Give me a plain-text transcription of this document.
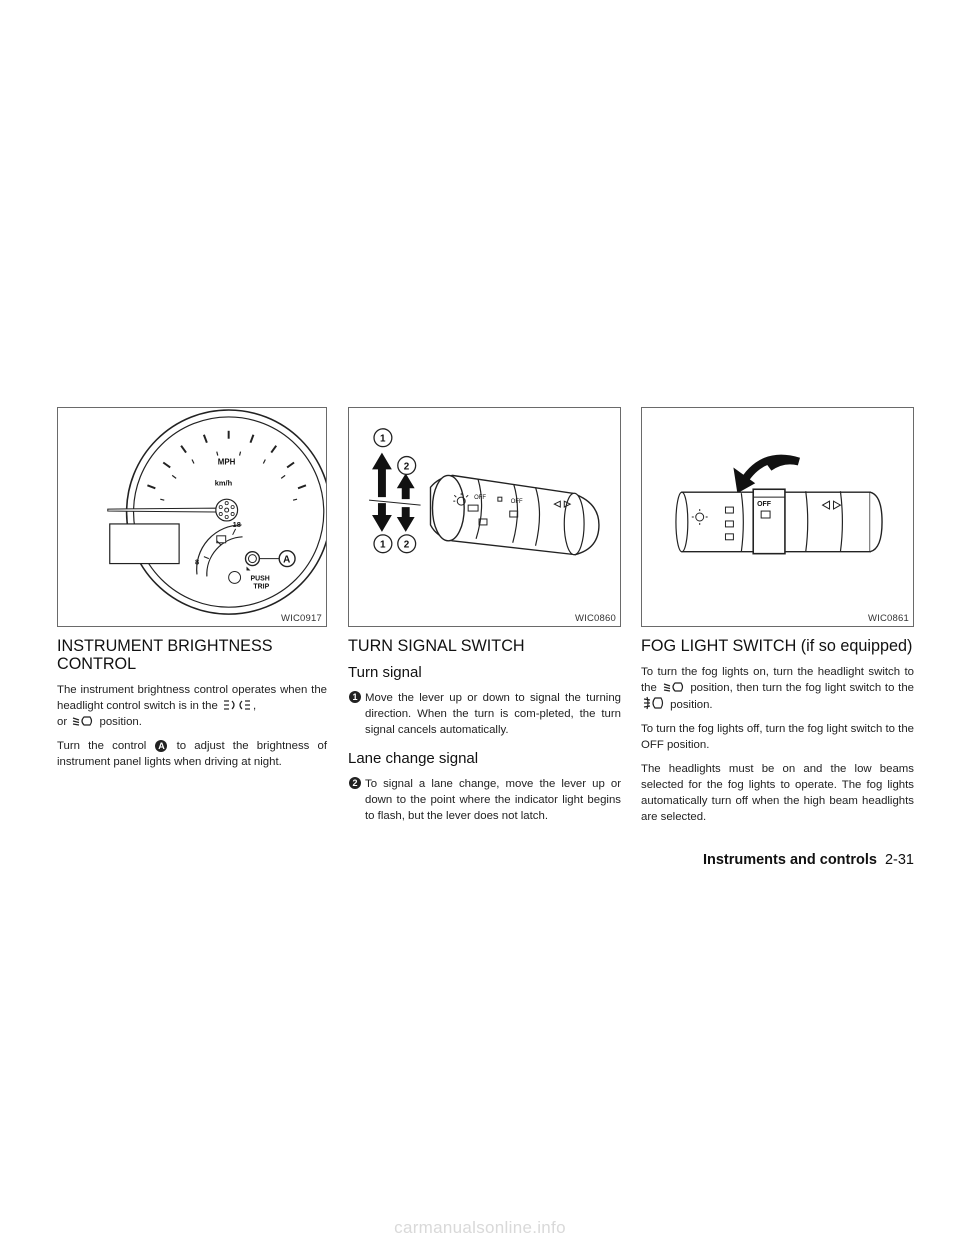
MPH
km/h
18
8	A
PUSH
TRIP
WIC0917
INSTRUMENT BRIGHTNESS CONTROL

The instrument brightness control operates when the headlight control switch is in the	,
or	position.

Turn the control A to adjust the brightness of instrument panel lights when driving at night.

1
2
1 2
OFF
OFF
WIC0860
TURN SIGNAL SWITCH
Turn signal
1 Move the lever up or down to signal the turning direction. When the turn is com-pleted, the turn signal cancels automatically.

Lane change signal
2 To signal a lane change, move the lever up or down to the point where the indicator light begins to flash, but the lever does not latch.

OFF
WIC0861
FOG LIGHT SWITCH (if so equipped)

To turn the fog lights on, turn the headlight switch to the	position, then turn the fog light switch to the  position.

To turn the fog lights off, turn the fog light switch to the OFF position.

The headlights must be on and the low beams selected for the fog lights to operate. The fog lights automatically turn off when the high beam headlights are selected.

Instruments and controls 2-31
carmanualsonline.info
